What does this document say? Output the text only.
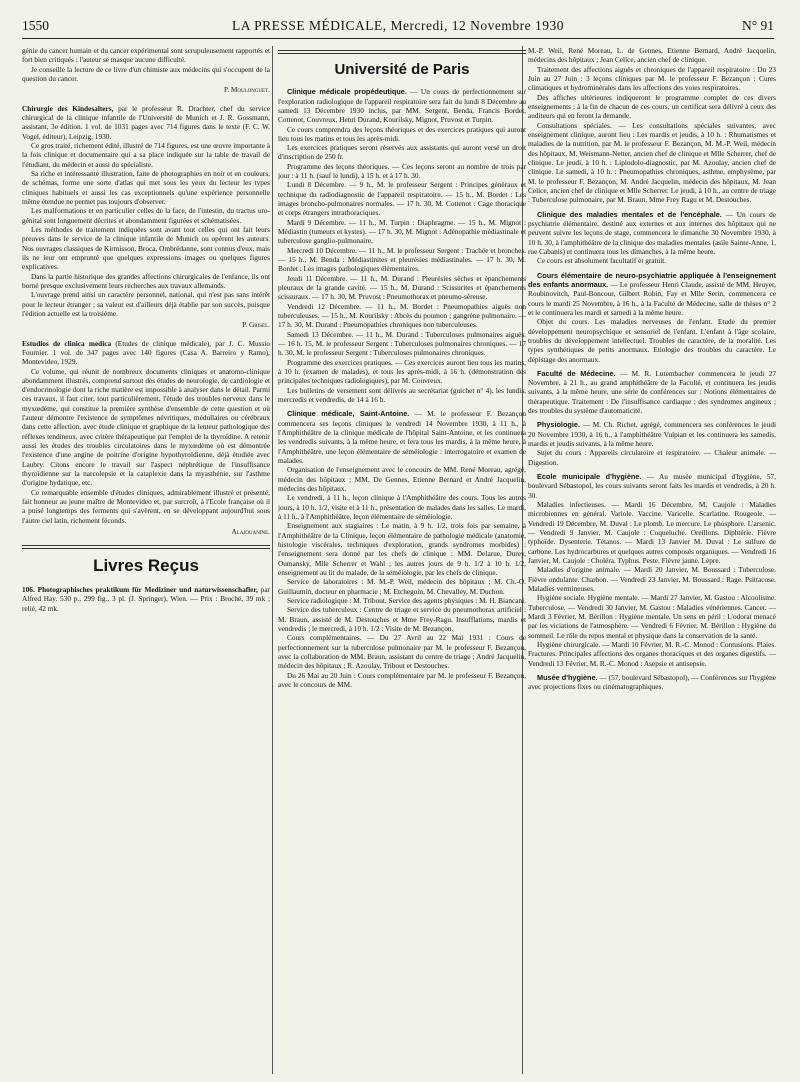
1550	LA PRESSE MÉDICALE, Mercredi, 12 Novembre 1930	N° 91

génie du cancer humain et du cancer expérimental sont scrupuleusement rapportés et fort bien critiqués : l'auteur se masque aucune difficulté.

Je conseille la lecture de ce livre d'un chimiste aux médecins qui s'occupent de la question du cancer.

P. Moulonguet.

Chirurgie des Kindesalters, par le professeur R. Drachter, chef du service chirurgical de la clinique infantile de l'Université de Munich et J. R. Gossmann, assistant, 3e édition. 1 vol. de 1031 pages avec 714 figures dans le texte (F. C. W. Vogel, éditeur), Leipzig, 1930.

Ce gros traité, richement édité, illustré de 714 figures, est une œuvre importante à la fois clinique et documentaire qui a sa place indiquée sur la table de travail de l'étudiant, du médecin et aussi du spécialiste.

Sa riche et intéressante illustration, faite de photographies en noir et en couleurs, de schémas, forme une sorte d'atlas qui met sous les yeux du lecteur les types cliniques habituels et aussi les cas exceptionnels qu'une expérience personnelle même étendue ne permet pas toujours d'observer.

Les malformations et en particulier celles de la face, de l'intestin, du tractus uro-génital sont longuement décrites et abondamment figurées et schématisées.

Les méthodes de traitement indiquées sont avant tout celles qui ont fait leurs preuves dans le service de la clinique infantile de Munich ou opèrent les auteurs. Nos ouvrages classiques de Kirmisson, Broca, Ombrédanne, sont connus d'eux, mais ils ne leur ont emprunté que quelques expressions images ou quelques figures explicatives.

Dans la partie historique des grandes affections chirurgicales de l'enfance, ils ont borné presque exclusivement leurs recherches aux travaux allemands.

L'ouvrage prend ainsi un caractère personnel, national, qui n'est pas sans intérêt pour le lecteur étranger ; sa valeur est d'ailleurs déjà établie par son succès, puisque l'édition actuelle est la troisième.

P. Grisel.

Estudios de clinica medica (Etudes de clinique médicale), par J. C. Mussio Fournier. 1 vol. de 347 pages avec 140 figures (Casa A. Barreiro y Ramo), Montevideo, 1929.

Ce volume, qui réunit de nombreux documents cliniques et anatomo-clinique abondamment illustrés, comprend surtout des études de neurologie, de cardiologie et d'endocrinologie dont la riche matière est impossible à analyser dans le détail. Parmi ces travaux, il faut citer, tout particulièrement, l'étude des troubles nerveux dans le myxœdème, qui constitue la première synthèse d'ensemble de cette question et où l'auteur démontre l'existence de symptômes névritiques, médullaires ou cérébraux dans cette affection, avec étude clinique et graphique de la lenteur pathologique des réflexes tendineux, avec critère thérapeutique par l'emploi de la thyroïdine. A retenir aussi les études des troubles circulatoires dans le myxœdème où est démontrée l'existence d'une angine de poitrine d'origine hypothyroïdienne, déjà étudiée avec Laubry. Citons encore le travail sur l'aspect néphrétique de l'insuffisance thyroïdienne sur la narcolepsie et la cataplexie dans la myasthénie, sur l'asthme d'origine hydatique, etc.

Ce remarquable ensemble d'études cliniques, admirablement illustré et présenté, fait honneur au jeune maître de Montevideo et, par surcroît, à l'Ecole française où il a puisé longtemps des ferments qui s'avèrent, en se développant aujourd'hui sous l'autre ciel latin, richement féconds.

Alajouanine.

Livres Reçus

106. Photographisches praktikum für Mediziner und naturwissenschafler, par Alfred Hay. 530 p., 299 fig., 3 pl. (J. Springer), Wien. — Prix : Broché, 39 mk ; relié, 42 mk.

Université de Paris

Clinique médicale propédeutique. — Un cours de perfectionnement sur l'exploration radiologique de l'appareil respiratoire sera fait du lundi 8 Décembre au samedi 13 Décembre 1930 inclus, par MM. Sergent, Benda, Francis Bordet, Cottenot, Couvreux, Henri Durand, Kourilsky, Mignot, Pruvost et Turpin.

Ce cours comprendra des leçons théoriques et des exercices pratiques qui auront lieu tous les matins et tous les après-midi.

Les exercices pratiques seront réservés aux assistants qui auront versé un droit d'inscription de 250 fr.

Programme des leçons théoriques. — Ces leçons seront au nombre de trois par jour : à 11 h. (sauf le lundi), à 15 h. et à 17 h. 30.

Lundi 8 Décembre. — 9 h., M. le professeur Sergent : Principes généraux et technique du radiodiagnostic de l'appareil respiratoire. — 15 h., M. Bordet : Les images broncho-pulmonaires normales. — 17 h. 30, M. Cottenot : Cage thoracique et corps étrangers intrathoraciques.

Mardi 9 Décembre. — 11 h., M. Turpin : Diaphragme. — 15 h., M. Mignot : Médiastin (tumeurs et kystes). — 17 h. 30, M. Mignot : Adénopathie médiastinale et tuberculose ganglio-pulmonaire.

Mercredi 10 Décembre. — 11 h., M. le professeur Sergent : Trachée et bronches. — 15 h., M. Benda : Médiastinites et pleurésies médiastinales. — 17 h. 30, M. Bordet : Les images pathologiques élémentaires.

Jeudi 11 Décembre. — 11 h., M. Durand : Pleurésies sèches et épanchements pleuraux de la grande cavité. — 15 h., M. Durand : Scissurites et épanchements scissuraux. — 17 h. 30, M. Pruvost : Pneumothorax et pneumo-séreuse.

Vendredi 12 Décembre. — 11 h., M. Bordet : Pneumopathies aiguës non tuberculeuses. — 15 h., M. Kourilsky : Abcès du poumon ; gangrène pulmonaire. — 17 h. 30, M. Durand : Pneumopathies chroniques non tuberculeuses.

Samedi 13 Décembre. — 11 h., M. Durand : Tuberculoses pulmonaires aiguës. — 16 h. 15, M. le professeur Sergent : Tuberculoses pulmonaires chroniques. — 17 h. 30, M. le professeur Sergent : Tuberculoses pulmonaires chroniques.

Programme des exercices pratiques. — Ces exercices auront lieu tous les matins, à 10 h. (examen de malades), et tous les après-midi, à 16 h. (démonstration des principales techniques radiologiques), par M. Couvreux.

Les bulletins de versement sont délivrés au secrétariat (guichet n° 4), les lundis, mercredis et vendredis, de 14 à 16 h.

Clinique médicale, Saint-Antoine. — M. le professeur F. Bezançon commencera ses leçons cliniques le vendredi 14 Novembre 1930, à 11 h., à l'Amphithéâtre de la clinique médicale de l'hôpital Saint-Antoine, et les continuera les vendredis suivants, à la même heure, et fera tous les mardis, à la même heure, à l'Amphithéâtre, une leçon élémentaire de séméiologie : interrogatoire et examen de malades.

Organisation de l'enseignement avec le concours de MM. René Moreau, agrégé, médecin des hôpitaux ; MM. De Gennes, Etienne Bernard et André Jacquelin, médecins des hôpitaux.

Le vendredi, à 11 h., leçon clinique à l'Amphithéâtre des cours. Tous les autres jours, à 10 h. 1/2, visite et à 11 h., présentation de malades dans les salles. Le mardi, à 11 h., à l'Amphithéâtre, leçon élémentaire de séméiologie.

Enseignement aux stagiaires : Le matin, à 9 h. 1/2, trois fois par semaine, à l'Amphithéâtre de la Clinique, leçon élémentaire de pathologie médicale (anatomie, histologie viscérales, techniques d'exploration, grands syndromes morbides) : l'enseignement sera donné par les chefs de clinique : MM. Delarue, Durey, Oumansky, Mlle Scherrer et Wahl ; les autres jours de 9 h. 1/2 à 10 h. 1/2, enseignement au lit du malade, de la séméiologie, par les chefs de clinique.

Service de laboratoires : M. M.-P. Weil, médecin des hôpitaux ; M. Ch.-O. Guillaumin, docteur en pharmacie ; M. Etchegoin, M. Chevalley, M. Duchon.

Service radiologique : M. Tribout. Service des agents physiques : M. H. Biancani.

Service des tuberculeux : Centre de triage et service du pneumothorax artificiel : M. Braun, assisté de M. Destouches et Mme Frey-Ragu. Insufflations, mardis et vendredis ; le mercredi, à 10 h. 1/2 : Visite de M. Bezançon.

Cours complémentaires. — Du 27 Avril au 22 Mai 1931 : Cours de perfectionnement sur la tuberculose pulmonaire par M. le professeur F. Bezançon, avec la collaboration de MM. Braun, assistant du centre de triage ; André Jacquelin, médecin des hôpitaux ; R. Azoulay, Tribout et Destouches.

Du 26 Mai au 20 Juin : Cours complémentaire par M. le professeur F. Bezançon, avec le concours de MM.

M.-P. Weil, René Moreau, L. de Gennes, Etienne Bernard, André Jacquelin, médecins des hôpitaux ; Jean Celice, ancien chef de clinique.

Traitement des affections aiguës et chroniques de l'appareil respiratoire : Du 23 Juin au 27 Juin : 3 leçons cliniques par M. le professeur F. Bezançon : Cures climatiques et hydrominérales dans les affections des voies respiratoires.

Des affiches ultérieures indiqueront le programme complet de ces divers enseignements ; à la fin de chacun de ces cours, un certificat sera délivré à ceux des auditeurs qui en feront la demande.

Consultations spéciales. — Les consultations spéciales suivantes, avec enseignement clinique, auront lieu : Les mardis et jeudis, à 10 h. : Rhumatismes et maladies de la nutrition, par M. le professeur F. Bezançon, M. M.-P. Weil, médecin des hôpitaux, M. Weismann-Netter, ancien chef de clinique et Mlle Scherrer, chef de clinique. Le jeudi, à 10 h. : Lipiodolo-diagnostic, par M. Azoulay, ancien chef de clinique. Le samedi, à 10 h. : Pneumopathies chroniques, asthme, emphysème, par M. le professeur F. Bezançon, M. André Jacquelin, médecin des hôpitaux, M. Jean Celice, ancien chef de clinique et Mlle Scherrer. Le jeudi, à 10 h., au centre de triage : Tuberculose pulmonaire, par M. Braun, Mme Frey Ragu et M. Destouches.

Clinique des maladies mentales et de l'encéphale. — Un cours de psychiatrie élémentaire, destiné aux externes et aux internes des hôpitaux qui ne peuvent suivre les leçons de stage, commencera le dimanche 30 Novembre 1930, à 10 h. 30, à l'amphithéâtre de la clinique des maladies mentales (asile Sainte-Anne, 1, rue Cabanis) et continuera tous les dimanches, à la même heure.

Ce cours est absolument facultatif et gratuit.

Cours élémentaire de neuro-psychiatrie appliquée à l'enseignement des enfants anormaux. — Le professeur Henri Claude, assisté de MM. Heuyer, Roubinovitch, Paul-Boncour, Gilbert Robin, Fay et Mlle Serin, commencera ce cours le mardi 25 Novembre, à 16 h., à la Faculté de Médecine, salle de thèses n° 2 et le continuera les mardi et samedi à la même heure.

Objet du cours. Les maladies nerveuses de l'enfant. Etude du premier développement neuropsychique et sensoriel de l'enfant. L'enfant à l'âge scolaire, troubles du développement intellectuel. Troubles du caractère, de la moralité. Les types synthétiques de petits anormaux. Etiologie des troubles du caractère. Le dépistage des anormaux.

Faculté de Médecine. — M. R. Lutembacher commencera le jeudi 27 Novembre, à 21 h., au grand amphithéâtre de la Faculté, et continuera les jeudis suivants, à la même heure, une série de conférences sur : Notions élémentaires de thérapeutique. Traitement : De l'insuffisance cardiaque ; des syndromes angineux ; des troubles du système d'automaticité.

Physiologie. — M. Ch. Richet, agrégé, commencera ses conférences le jeudi 20 Novembre 1930, à 16 h., à l'amphithéâtre Vulpian et les continuera les samedis, mardis et jeudis suivants, à la même heure.

Sujet du cours : Appareils circulatoire et respiratoire. — Chaleur animale. — Digestion.

Ecole municipale d'hygiène. — Au musée municipal d'hygiène, 57, boulevard Sébastopol, les cours suivants seront faits les mardis et vendredis, à 20 h. 30.

Maladies infectieuses. — Mardi 16 Décembre, M. Caujole : Maladies microbiennes en général. Variole. Vaccine. Varicelle. Scarlatine. Rougeole. — Vendredi 19 Décembre, M. Duval : Le plomb. Le mercure. Le phosphore. L'arsenic. — Vendredi 9 Janvier, M. Caujole : Coqueluche. Oreillons. Diphtérie. Fièvre typhoïde. Dysenterie. Tétanos. — Mardi 13 Janvier M. Duval : Le sulfure de carbone. Les hydrocarbures et quelques autres composés organiques. — Vendredi 16 Janvier, M. Caujole : Choléra. Typhus. Peste. Fièvre jaune. Lèpre.

Maladies d'origine animale. — Mardi 20 Janvier, M. Boussard : Tuberculose. Fièvre ondulante. Charbon. — Vendredi 23 Janvier, M. Boussard : Rage. Psittacose. Maladies vermineuses.

Hygiène sociale. Hygiène mentale. — Mardi 27 Janvier, M. Gastou : Alcoolisme. Tuberculose. — Vendredi 30 Janvier, M. Gastou : Maladies vénériennes. Cancer. — Mardi 3 Février, M. Bérillon : Hygiène mentale. Un sens en péril : L'odorat menacé par les viciations de l'atmosphère. — Vendredi 6 Février, M. Bérillon : Hygiène du sommeil. Le rôle du repos mental et physique dans la conservation de la santé.

Hygiène chirurgicale. — Mardi 10 Février, M. R.-C. Monod : Contusions. Plaies. Fractures. Principales affections des organes thoraciques et des organes digestifs. — Vendredi 13 Février, M. R.-C. Monod : Asepsie et antisepsie.

Musée d'hygiène. — (57, boulevard Sébastopol), — Conférences sur l'hygiène avec projections fixes ou cinématographiques.
